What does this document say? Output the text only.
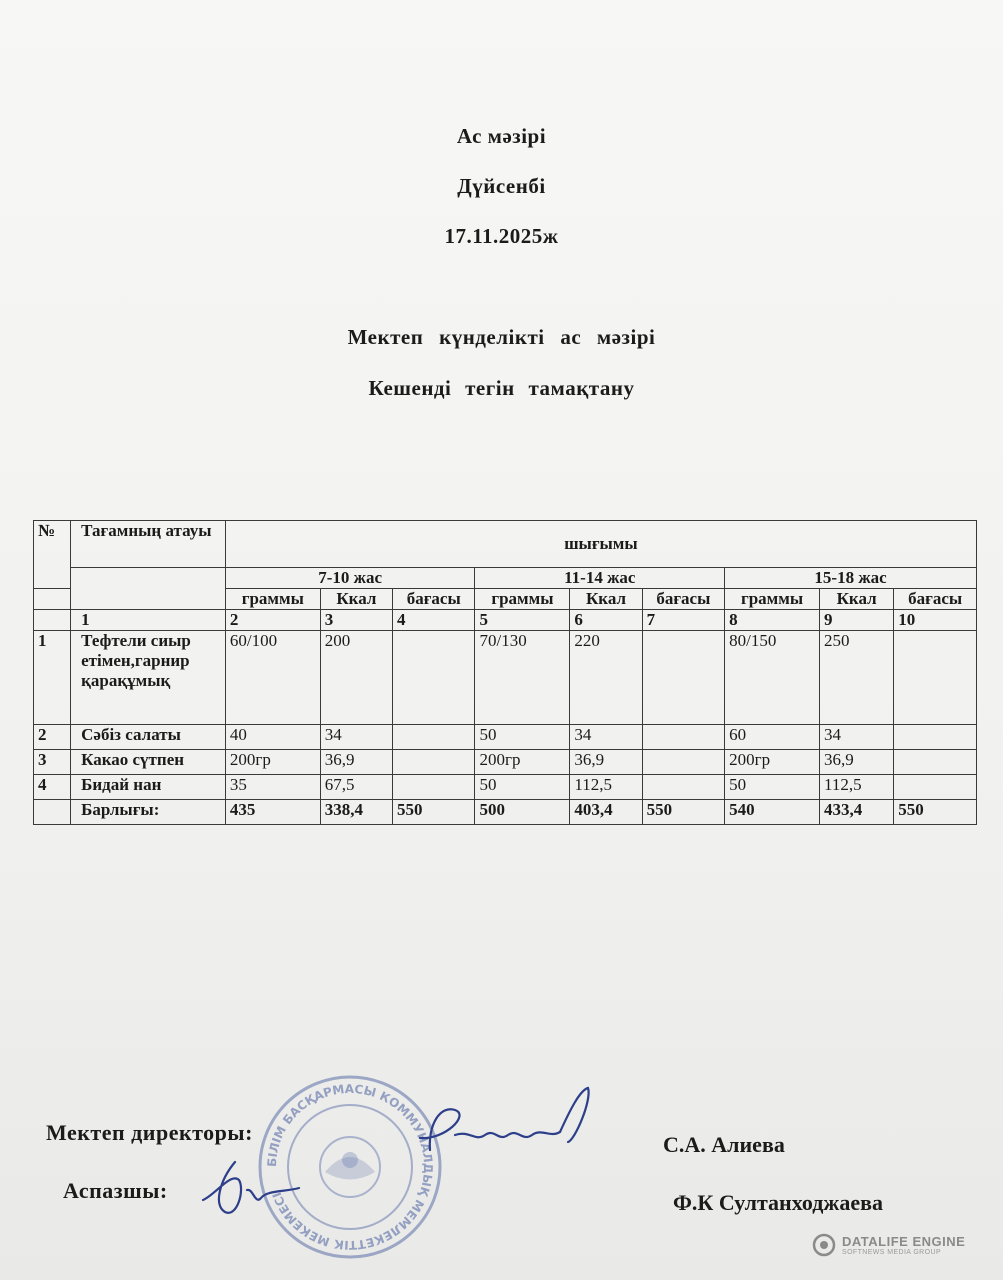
Ас мәзірі
Дүйсенбі
17.11.2025ж
Мектеп күнделікті ас мәзірі
Кешенді тегін тамақтану
№	Тағамның атауы	шығымы								
		7-10 жас			11-14 жас			15-18 жас		
		граммы	Ккал	бағасы	граммы	Ккал	бағасы	граммы	Ккал	бағасы
	1	2	3	4	5	6	7	8	9	10
1	Тефтели сиыр етімен,гарнир қарақұмық	60/100	200		70/130	220		80/150	250	
2	Сәбіз салаты	40	34		50	34		60	34	
3	Какао сүтпен	200гр	36,9		200гр	36,9		200гр	36,9	
4	Бидай нан	35	67,5		50	112,5		50	112,5	
	Барлығы:	435	338,4	550	500	403,4	550	540	433,4	550
БІЛІМ БАСҚАРМАСЫ КОММУНАЛДЫҚ МЕМЛЕКЕТТІК МЕКЕМЕСІ
Мектеп директоры:	С.А. Алиева
Аспазшы:	Ф.К Султанходжаева
DATALIFE ENGINE
SOFTNEWS MEDIA GROUP
